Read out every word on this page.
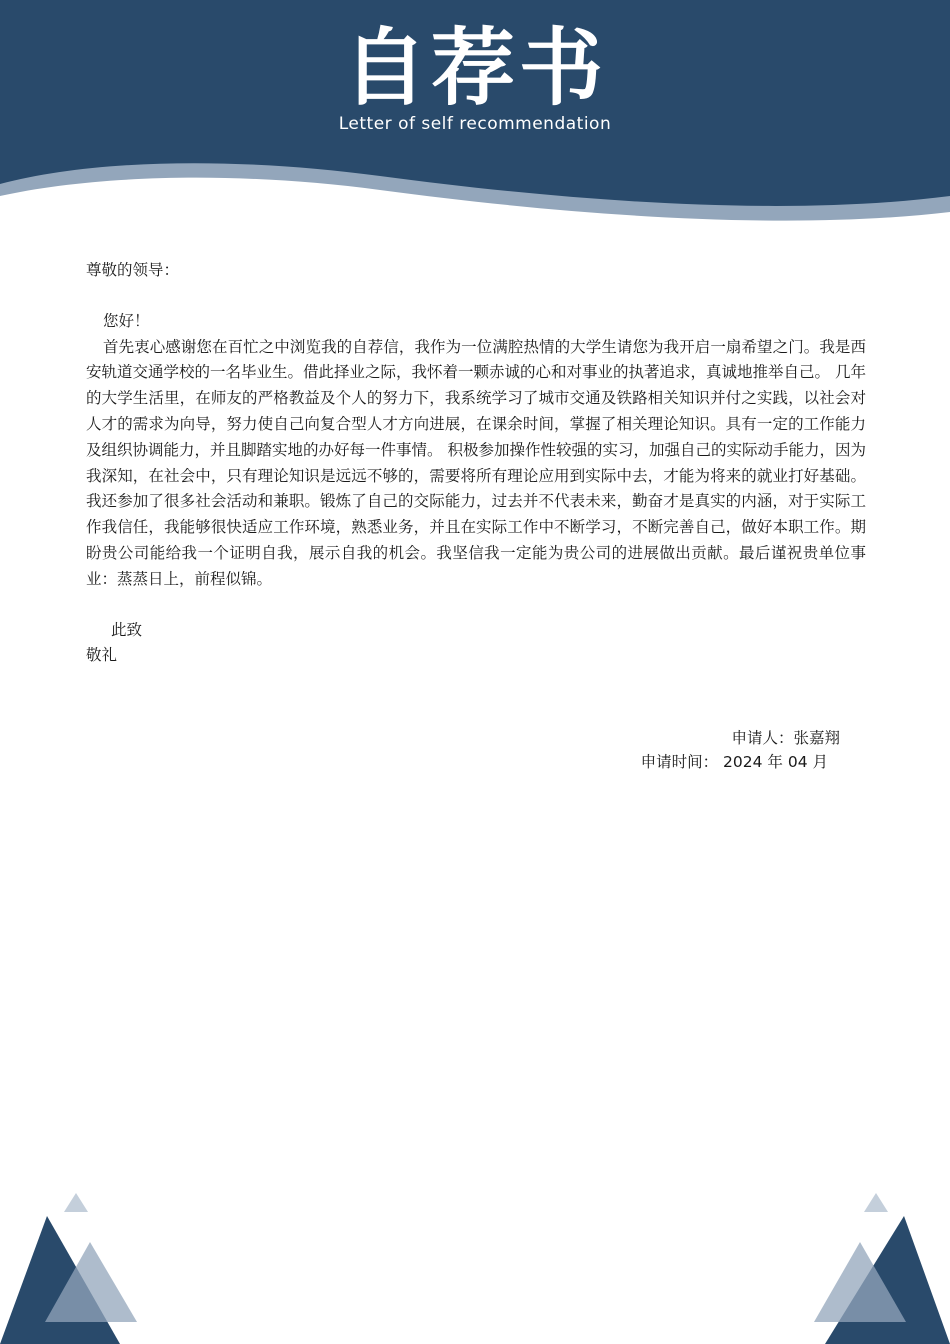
自荐书
Letter of self recommendation

尊敬的领导：

您好！

首先衷心感谢您在百忙之中浏览我的自荐信，我作为一位满腔热情的大学生请您为我开启一扇希望之门。我是西安轨道交通学校的一名毕业生。借此择业之际，我怀着一颗赤诚的心和对事业的执著追求，真诚地推举自己。 几年的大学生活里，在师友的严格教益及个人的努力下，我系统学习了城市交通及铁路相关知识并付之实践，以社会对人才的需求为向导，努力使自己向复合型人才方向进展，在课余时间，掌握了相关理论知识。具有一定的工作能力及组织协调能力，并且脚踏实地的办好每一件事情。 积极参加操作性较强的实习，加强自己的实际动手能力，因为我深知，在社会中，只有理论知识是远远不够的，需要将所有理论应用到实际中去，才能为将来的就业打好基础。我还参加了很多社会活动和兼职。锻炼了自己的交际能力，过去并不代表未来，勤奋才是真实的内涵，对于实际工作我信任，我能够很快适应工作环境，熟悉业务，并且在实际工作中不断学习，不断完善自己，做好本职工作。期盼贵公司能给我一个证明自我，展示自我的机会。我坚信我一定能为贵公司的进展做出贡献。最后谨祝贵单位事业：蒸蒸日上，前程似锦。

此致

敬礼

申请人：张嘉翔
申请时间： 2024 年 04 月
